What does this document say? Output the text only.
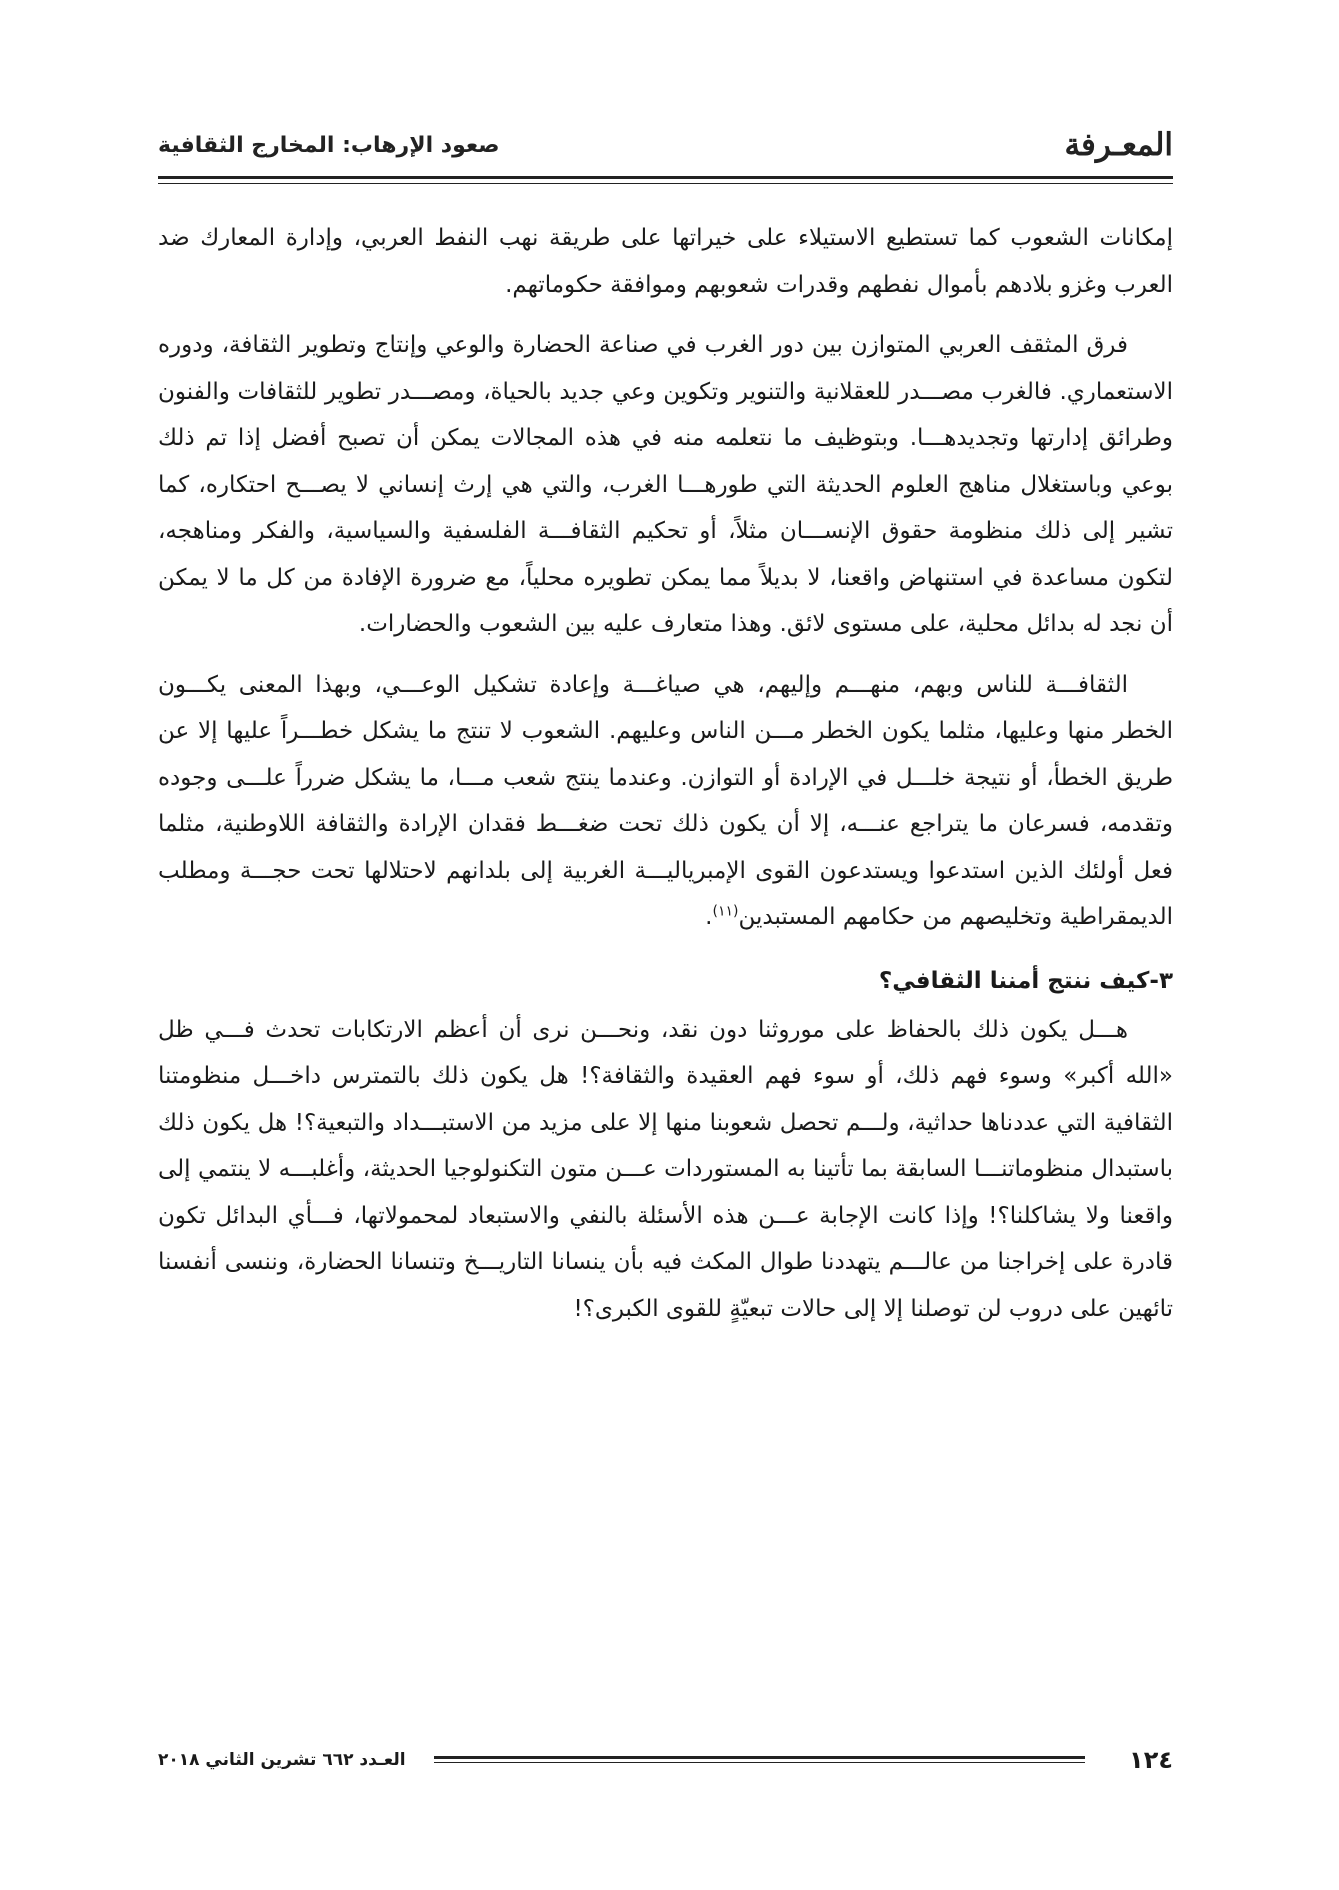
المعـرفة
صعود الإرهاب: المخارج الثقافية

إمكانات الشعوب كما تستطيع الاستيلاء على خيراتها على طريقة نهب النفط العربي، وإدارة المعارك ضد العرب وغزو بلادهم بأموال نفطهم وقدرات شعوبهم وموافقة حكوماتهم.

فرق المثقف العربي المتوازن بين دور الغرب في صناعة الحضارة والوعي وإنتاج وتطوير الثقافة، ودوره الاستعماري. فالغرب مصـــدر للعقلانية والتنوير وتكوين وعي جديد بالحياة، ومصـــدر تطوير للثقافات والفنون وطرائق إدارتها وتجديدهـــا. وبتوظيف ما نتعلمه منه في هذه المجالات يمكن أن تصبح أفضل إذا تم ذلك بوعي وباستغلال مناهج العلوم الحديثة التي طورهـــا الغرب، والتي هي إرث إنساني لا يصـــح احتكاره، كما تشير إلى ذلك منظومة حقوق الإنســـان مثلاً، أو تحكيم الثقافـــة الفلسفية والسياسية، والفكر ومناهجه، لتكون مساعدة في استنهاض واقعنا، لا بديلاً مما يمكن تطويره محلياً، مع ضرورة الإفادة من كل ما لا يمكن أن نجد له بدائل محلية، على مستوى لائق. وهذا متعارف عليه بين الشعوب والحضارات.

الثقافـــة للناس وبهم، منهـــم وإليهم، هي صياغـــة وإعادة تشكيل الوعـــي، وبهذا المعنى يكـــون الخطر منها وعليها، مثلما يكون الخطر مـــن الناس وعليهم. الشعوب لا تنتج ما يشكل خطـــراً عليها إلا عن طريق الخطأ، أو نتيجة خلـــل في الإرادة أو التوازن. وعندما ينتج شعب مـــا، ما يشكل ضرراً علـــى وجوده وتقدمه، فسرعان ما يتراجع عنـــه، إلا أن يكون ذلك تحت ضغـــط فقدان الإرادة والثقافة اللاوطنية، مثلما فعل أولئك الذين استدعوا ويستدعون القوى الإمبرياليـــة الغربية إلى بلدانهم لاحتلالها تحت حجـــة ومطلب الديمقراطية وتخليصهم من حكامهم المستبدين$^{(١١)}$.

٣-كيف ننتج أمننا الثقافي؟

هـــل يكون ذلك بالحفاظ على موروثنا دون نقد، ونحـــن نرى أن أعظم الارتكابات تحدث فـــي ظل «الله أكبر» وسوء فهم ذلك، أو سوء فهم العقيدة والثقافة؟! هل يكون ذلك بالتمترس داخـــل منظومتنا الثقافية التي عددناها حداثية، ولـــم تحصل شعوبنا منها إلا على مزيد من الاستبـــداد والتبعية؟! هل يكون ذلك باستبدال منظوماتنـــا السابقة بما تأتينا به المستوردات عـــن متون التكنولوجيا الحديثة، وأغلبـــه لا ينتمي إلى واقعنا ولا يشاكلنا؟! وإذا كانت الإجابة عـــن هذه الأسئلة بالنفي والاستبعاد لمحمولاتها، فـــأي البدائل تكون قادرة على إخراجنا من عالـــم يتهددنا طوال المكث فيه بأن ينسانا التاريـــخ وتنسانا الحضارة، وننسى أنفسنا تائهين على دروب لن توصلنا إلا إلى حالات تبعيّةٍ للقوى الكبرى؟!

١٢٤
العـدد ٦٦٢ تشرين الثاني ٢٠١٨
